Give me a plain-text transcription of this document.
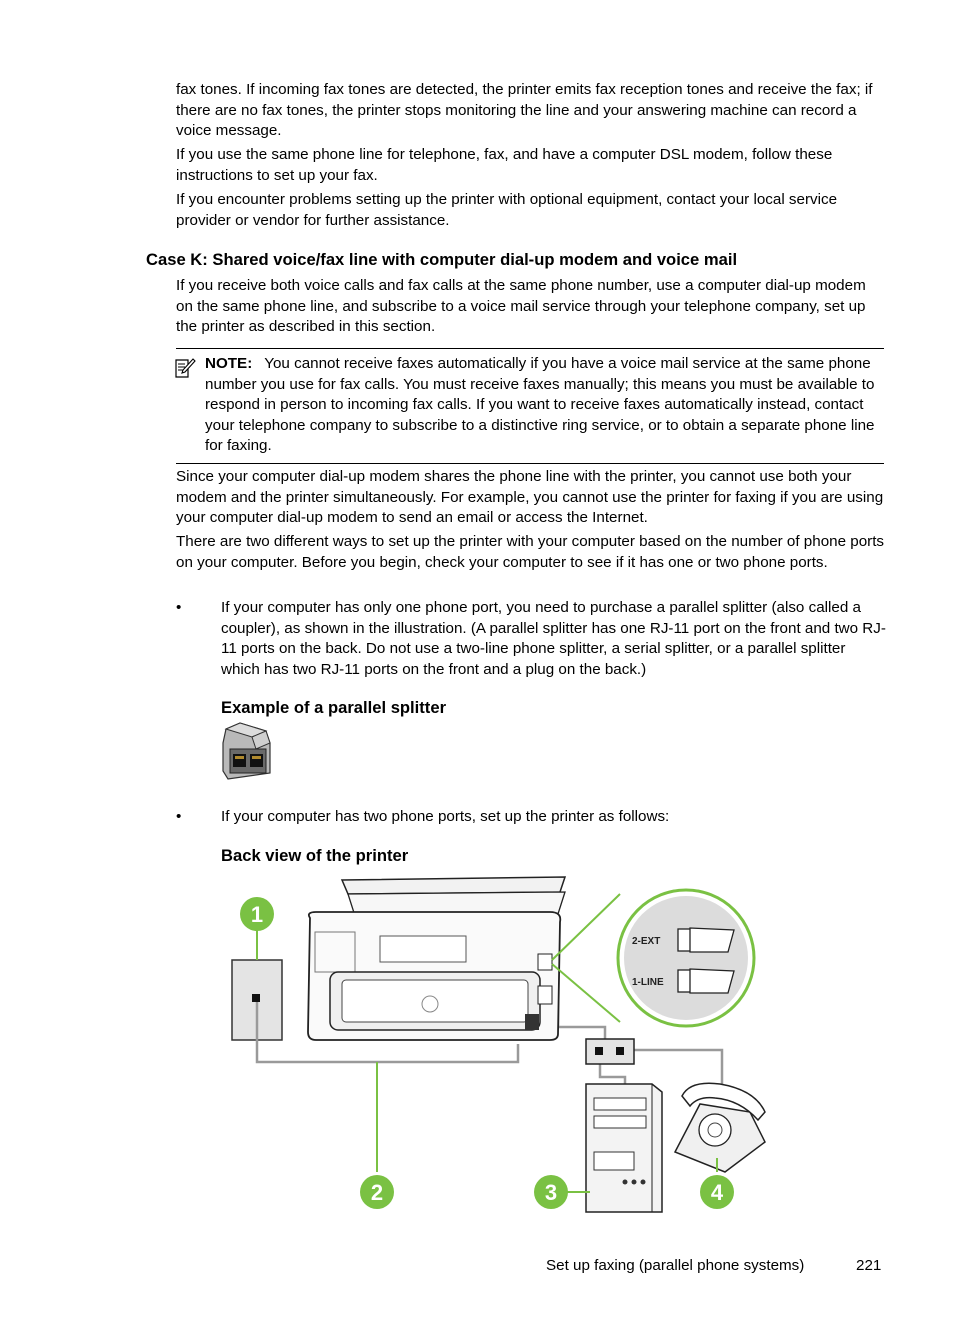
fax tones. If incoming fax tones are detected, the printer emits fax reception tones and receive the fax; if there are no fax tones, the printer stops monitoring the line and your answering machine can record a voice message.

If you use the same phone line for telephone, fax, and have a computer DSL modem, follow these instructions to set up your fax.

If you encounter problems setting up the printer with optional equipment, contact your local service provider or vendor for further assistance.

Case K: Shared voice/fax line with computer dial-up modem and voice mail

If you receive both voice calls and fax calls at the same phone number, use a computer dial-up modem on the same phone line, and subscribe to a voice mail service through your telephone company, set up the printer as described in this section.

NOTE: You cannot receive faxes automatically if you have a voice mail service at the same phone number you use for fax calls. You must receive faxes manually; this means you must be available to respond in person to incoming fax calls. If you want to receive faxes automatically instead, contact your telephone company to subscribe to a distinctive ring service, or to obtain a separate phone line for faxing.

Since your computer dial-up modem shares the phone line with the printer, you cannot use both your modem and the printer simultaneously. For example, you cannot use the printer for faxing if you are using your computer dial-up modem to send an email or access the Internet.

There are two different ways to set up the printer with your computer based on the number of phone ports on your computer. Before you begin, check your computer to see if it has one or two phone ports.

•	If your computer has only one phone port, you need to purchase a parallel splitter (also called a coupler), as shown in the illustration. (A parallel splitter has one RJ-11 port on the front and two RJ-11 ports on the back. Do not use a two-line phone splitter, a serial splitter, or a parallel splitter which has two RJ-11 ports on the front and a plug on the back.)

Example of a parallel splitter
•	If your computer has two phone ports, set up the printer as follows:

Back view of the printer
2-EXT
1-LINE
1
2	3	4
Set up faxing (parallel phone systems)	221
